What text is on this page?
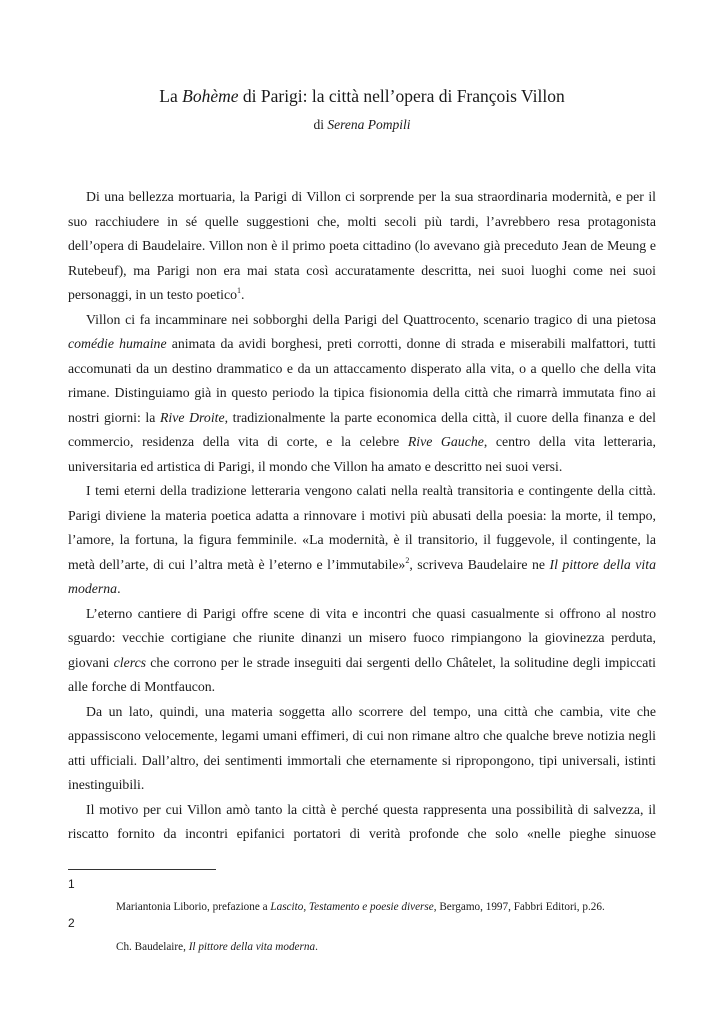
La Bohème di Parigi: la città nell’opera di François Villon
di Serena Pompili

Di una bellezza mortuaria, la Parigi di Villon ci sorprende per la sua straordinaria modernità, e per il suo racchiudere in sé quelle suggestioni che, molti secoli più tardi, l’avrebbero resa protagonista dell’opera di Baudelaire. Villon non è il primo poeta cittadino (lo avevano già preceduto Jean de Meung e Rutebeuf), ma Parigi non era mai stata così accuratamente descritta, nei suoi luoghi come nei suoi personaggi, in un testo poetico$^1$.

Villon ci fa incamminare nei sobborghi della Parigi del Quattrocento, scenario tragico di una pietosa comédie humaine animata da avidi borghesi, preti corrotti, donne di strada e miserabili malfattori, tutti accomunati da un destino drammatico e da un attaccamento disperato alla vita, o a quello che della vita rimane. Distinguiamo già in questo periodo la tipica fisionomia della città che rimarrà immutata fino ai nostri giorni: la Rive Droite, tradizionalmente la parte economica della città, il cuore della finanza e del commercio, residenza della vita di corte, e la celebre Rive Gauche, centro della vita letteraria, universitaria ed artistica di Parigi, il mondo che Villon ha amato e descritto nei suoi versi.

I temi eterni della tradizione letteraria vengono calati nella realtà transitoria e contingente della città. Parigi diviene la materia poetica adatta a rinnovare i motivi più abusati della poesia: la morte, il tempo, l’amore, la fortuna, la figura femminile. «La modernità, è il transitorio, il fuggevole, il contingente, la metà dell’arte, di cui l’altra metà è l’eterno e l’immutabile»$^2$, scriveva Baudelaire ne Il pittore della vita moderna.

L’eterno cantiere di Parigi offre scene di vita e incontri che quasi casualmente si offrono al nostro sguardo: vecchie cortigiane che riunite dinanzi un misero fuoco rimpiangono la giovinezza perduta, giovani clercs che corrono per le strade inseguiti dai sergenti dello Châtelet, la solitudine degli impiccati alle forche di Montfaucon.

Da un lato, quindi, una materia soggetta allo scorrere del tempo, una città che cambia, vite che appassiscono velocemente, legami umani effimeri, di cui non rimane altro che qualche breve notizia negli atti ufficiali. Dall’altro, dei sentimenti immortali che eternamente si ripropongono, tipi universali, istinti inestinguibili.

Il motivo per cui Villon amò tanto la città è perché questa rappresenta una possibilità di salvezza, il riscatto fornito da incontri epifanici portatori di verità profonde che solo «nelle pieghe sinuose

1
Mariantonia Liborio, prefazione a Lascito, Testamento e poesie diverse, Bergamo, 1997, Fabbri Editori, p.26.
2
Ch. Baudelaire, Il pittore della vita moderna.
